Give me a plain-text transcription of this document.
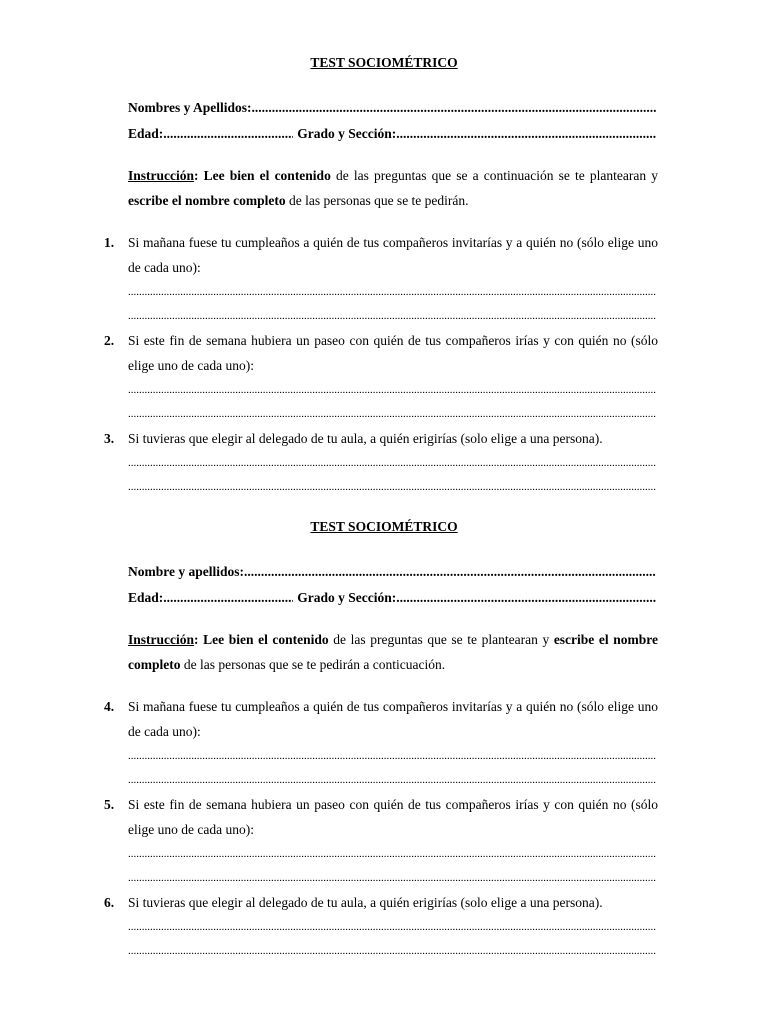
TEST SOCIOMÉTRICO

Nombres y Apellidos:
.....
Edad: .....	Grado y Sección:
.....
Instrucción: Lee bien el contenido de las preguntas que se a continuación se te plantearan y escribe el nombre completo de las personas que se te pedirán.
1. Si mañana fuese tu cumpleaños a quién de tus compañeros invitarías y a quién no (sólo elige uno de cada uno):
.....
.....
2. Si este fin de semana hubiera un paseo con quién de tus compañeros irías y con quién no (sólo elige uno de cada uno):
.....
.....
3. Si tuvieras que elegir al delegado de tu aula, a quién erigirías (solo elige a una persona).
.....
.....

TEST SOCIOMÉTRICO

Nombre y apellidos:
.....
Edad: .....	Grado y Sección:
.....
Instrucción: Lee bien el contenido de las preguntas que se te plantearan y escribe el nombre completo de las personas que se te pedirán a conticuación.
4. Si mañana fuese tu cumpleaños a quién de tus compañeros invitarías y a quién no (sólo elige uno de cada uno):
.....
.....
5. Si este fin de semana hubiera un paseo con quién de tus compañeros irías y con quién no (sólo elige uno de cada uno):
.....
.....
6. Si tuvieras que elegir al delegado de tu aula, a quién erigirías (solo elige a una persona).
.....
.....
